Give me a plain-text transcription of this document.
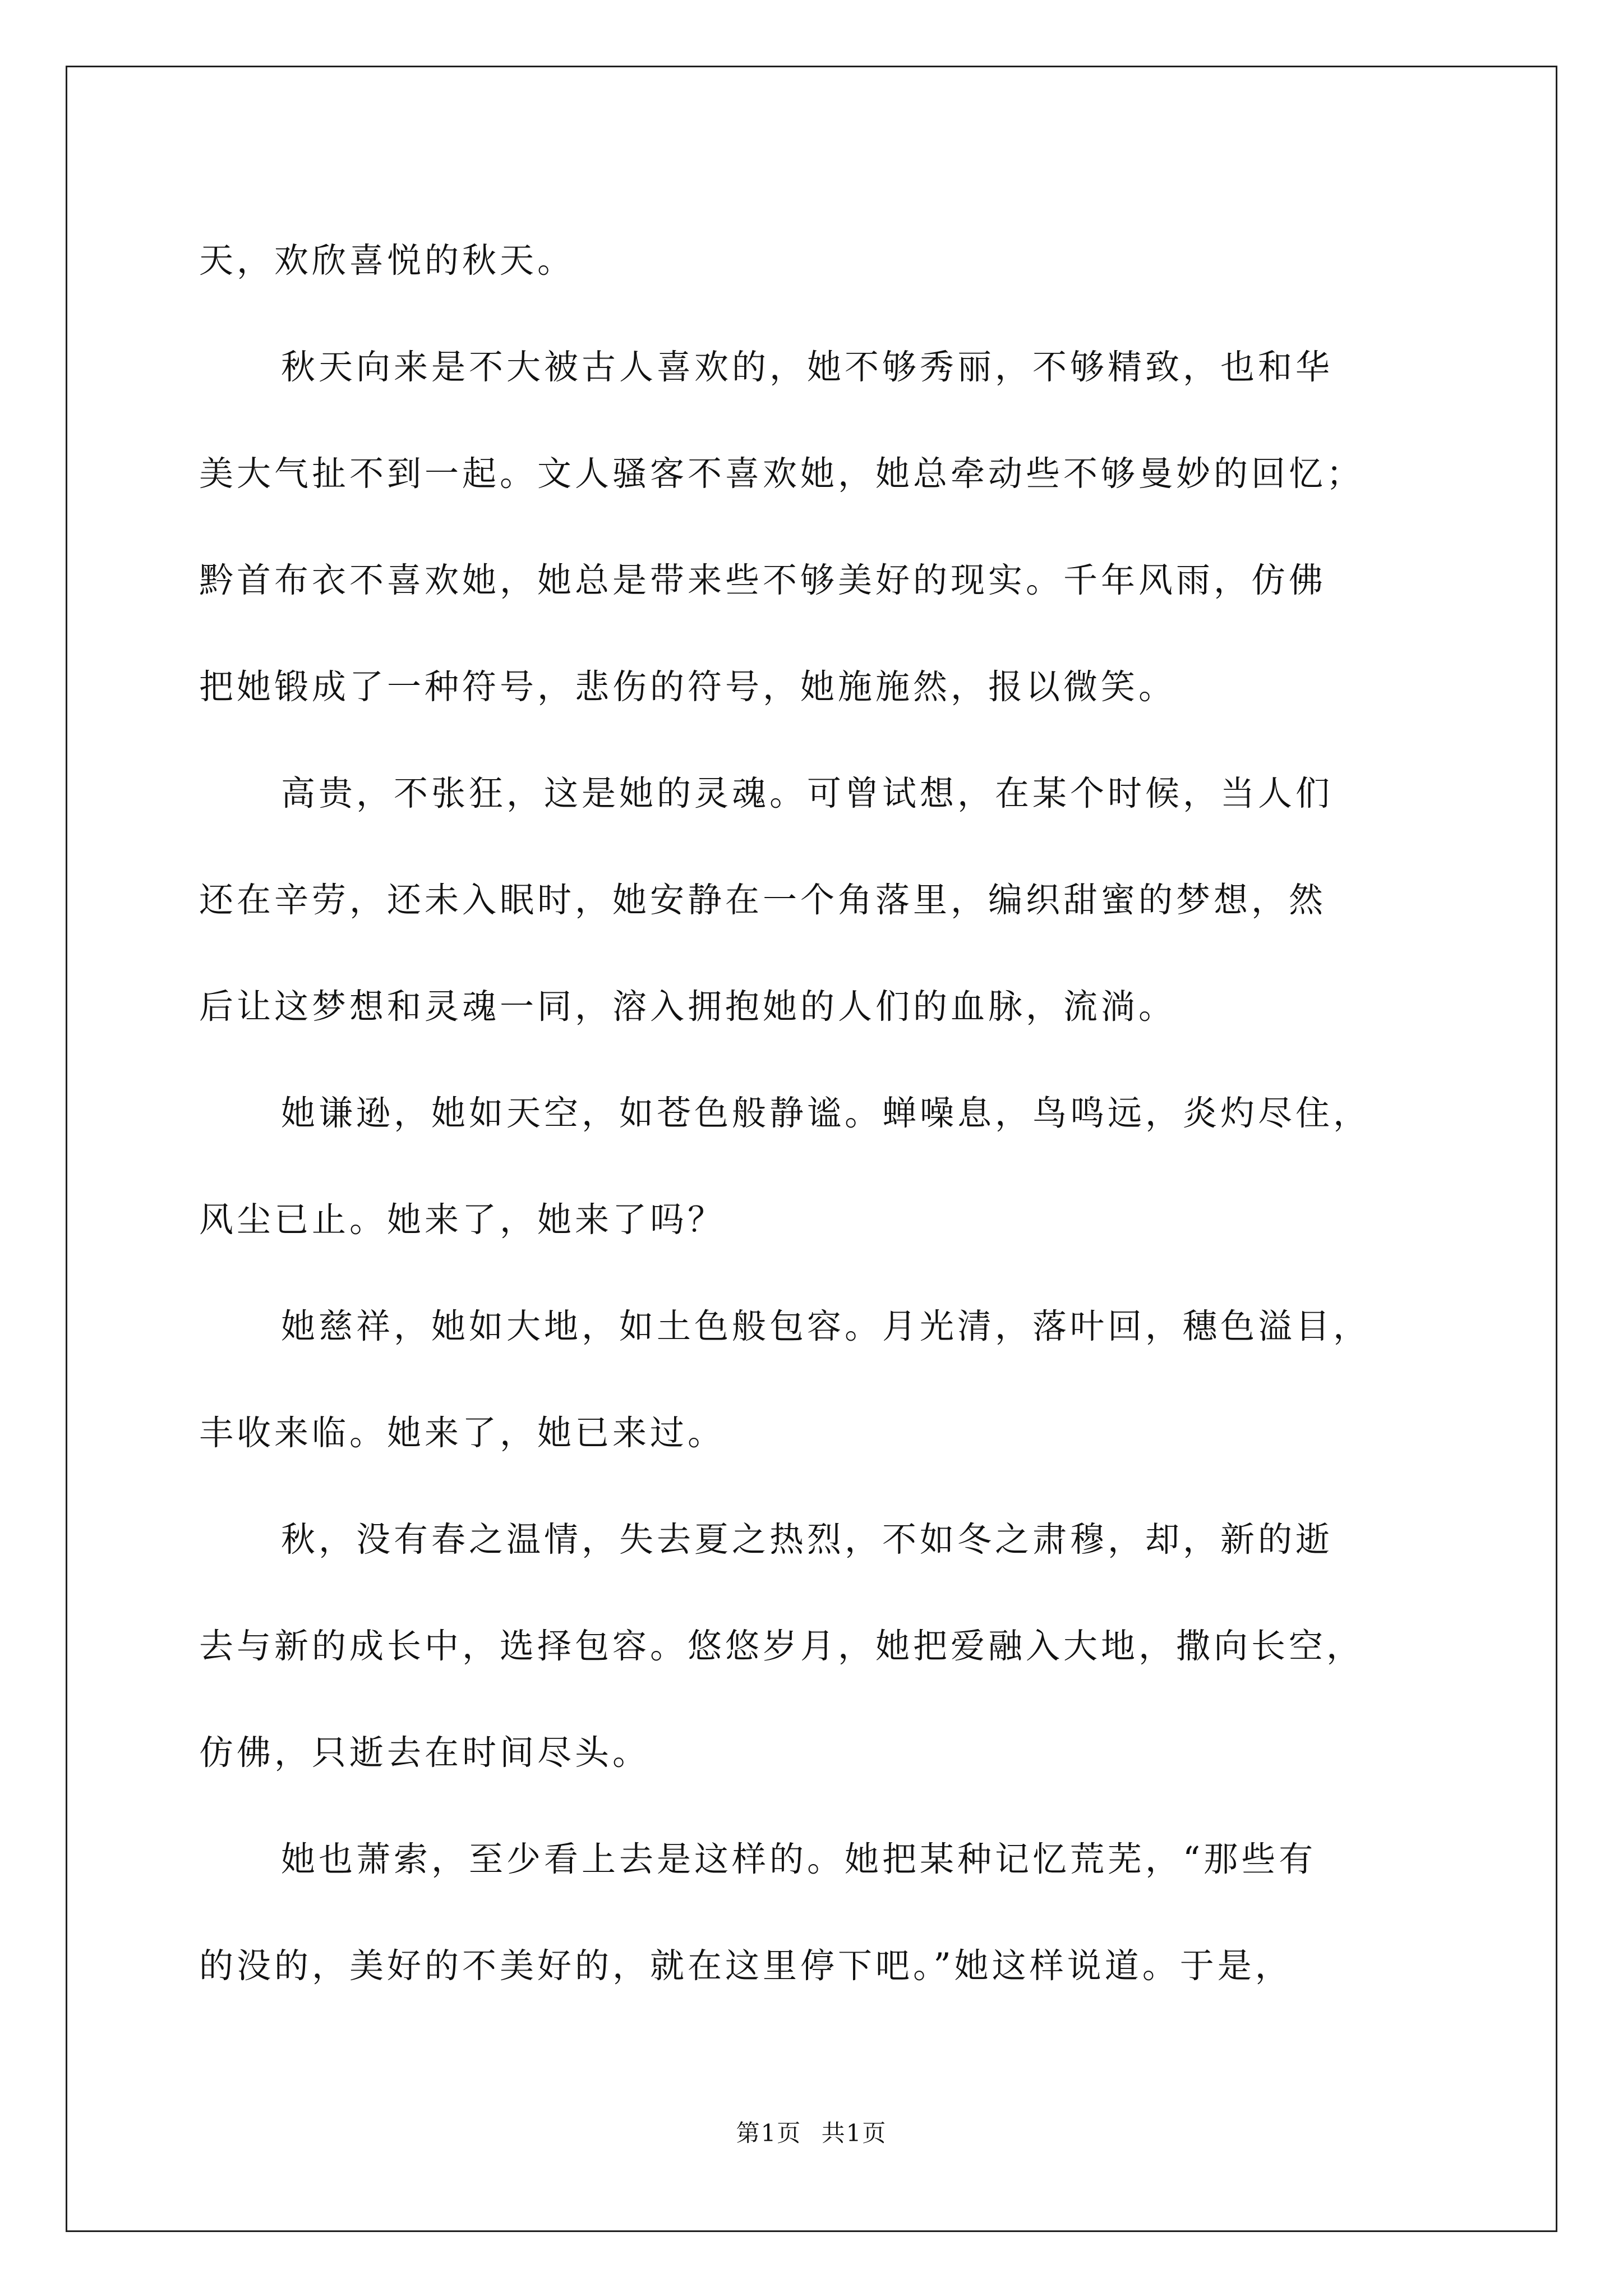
天，欢欣喜悦的秋天。
秋天向来是不大被古人喜欢的，她不够秀丽，不够精致，也和华
美大气扯不到一起。文人骚客不喜欢她，她总牵动些不够曼妙的回忆；
黔首布衣不喜欢她，她总是带来些不够美好的现实。千年风雨，仿佛
把她锻成了一种符号，悲伤的符号，她施施然，报以微笑。
高贵，不张狂，这是她的灵魂。可曾试想，在某个时候，当人们
还在辛劳，还未入眠时，她安静在一个角落里，编织甜蜜的梦想，然
后让这梦想和灵魂一同，溶入拥抱她的人们的血脉，流淌。
她谦逊，她如天空，如苍色般静谧。蝉噪息，鸟鸣远，炎灼尽住，
风尘已止。她来了，她来了吗？
她慈祥，她如大地，如土色般包容。月光清，落叶回，穗色溢目，
丰收来临。她来了，她已来过。
秋，没有春之温情，失去夏之热烈，不如冬之肃穆，却，新的逝
去与新的成长中，选择包容。悠悠岁月，她把爱融入大地，撒向长空，
仿佛，只逝去在时间尽头。
她也萧索，至少看上去是这样的。她把某种记忆荒芜，“那些有
的没的，美好的不美好的，就在这里停下吧。”她这样说道。于是，
第1页 共1页
